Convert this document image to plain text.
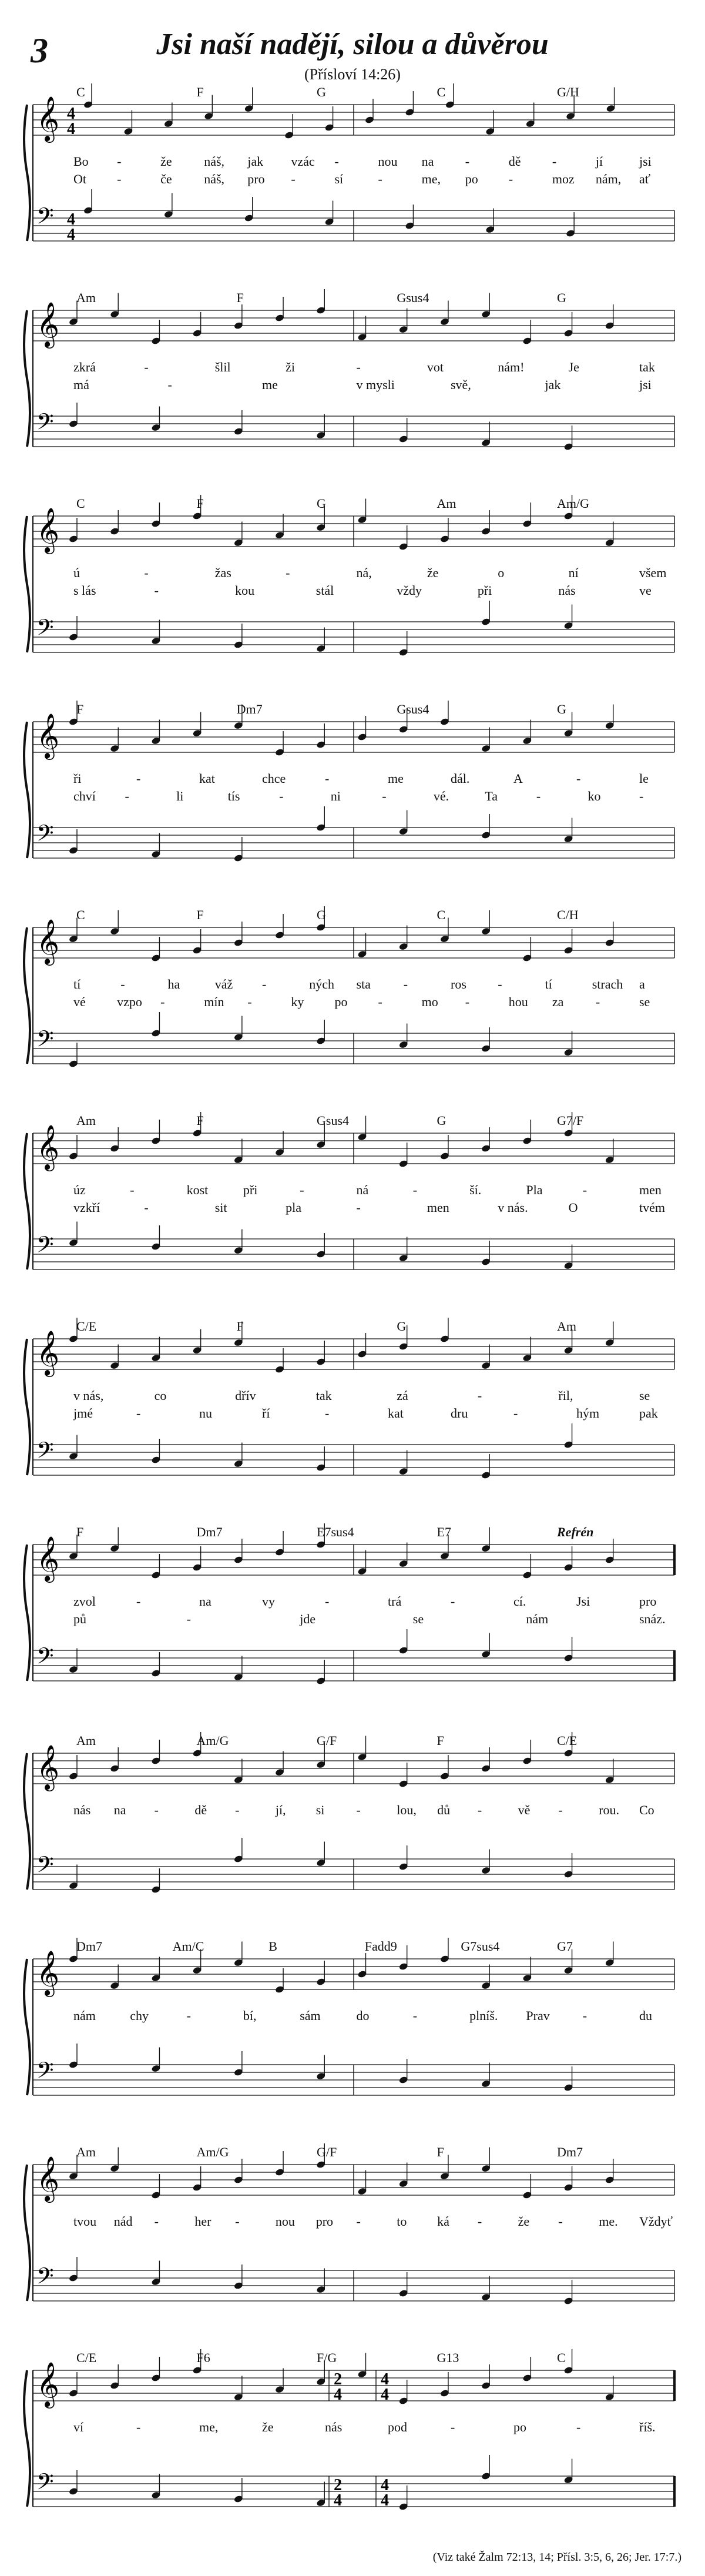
3	Jsi naší nadějí, silou a důvěrou
(Přísloví 14:26)
𝄞
𝄢
4
4
4
4
C	F	G	C	G/H
Bo -	že náš, jak vzác -	nou na -	dě -	jí	jsi
Ot -	če náš, pro -	sí	-	me, po -	moz nám, ať
𝄞
𝄢
Am	F	Gsus4	G
zkrá	-	šlil	ži	-	vot	nám!	Je	tak
má	-	me	v mysli	svě,	jak	jsi
𝄞
𝄢
C	F	G	Am	Am/G
ú	-	žas	-	ná,	že	o	ní	všem
s lás	-	kou	stál	vždy	při	nás	ve
𝄞
𝄢
F	Dm7	Gsus4	G
ři	-	kat	chce	-	me	dál.	A	-	le
chví -	li	tís	-	ni	-	vé.	Ta	-	ko	-
𝄞
𝄢
C	F	G	C	C/H
tí	-	ha	váž -	ných sta	-	ros -	tí	strach a
vé vzpo -	mín -	ky po -	mo -	hou za -	se
𝄞
𝄢
Am	F	Gsus4	G	G7/F
úz	-	kost	při	-	ná	-	ší.	Pla	-	men
vzkří	-	sit	pla	-	men	v nás.	O	tvém
𝄞
𝄢
C/E	F	G	Am
v nás,	co	dřív	tak	zá	-	řil,	se
jmé	-	nu	ří	-	kat	dru	-	hým	pak
𝄞
𝄢
F	Dm7	E7sus4	E7	Refrén
zvol	-	na	vy	-	trá	-	cí.	Jsi	pro
pů	-	jde	se	nám	snáz.
𝄞
𝄢
Am	Am/G	G/F	F	C/E
nás na -	dě -	jí, si -	lou, dů -	vě -	rou. Co
𝄞
𝄢
Dm7	Am/C	B	Fadd9	G7sus4	G7
nám	chy	-	bí,	sám	do	-	plníš. Prav	-	du
𝄞
𝄢
Am	Am/G	G/F	F	Dm7
tvou nád -	her -	nou pro -	to ká -	že -	me. Vždyť
𝄞
𝄢
2
4
4
4
2
4
4
4
C/E	F6	F/G	G13	C
ví	-	me,	že	nás	pod	-	po	-	říš.
(Viz také Žalm 72:13, 14; Přísl. 3:5, 6, 26; Jer. 17:7.)
